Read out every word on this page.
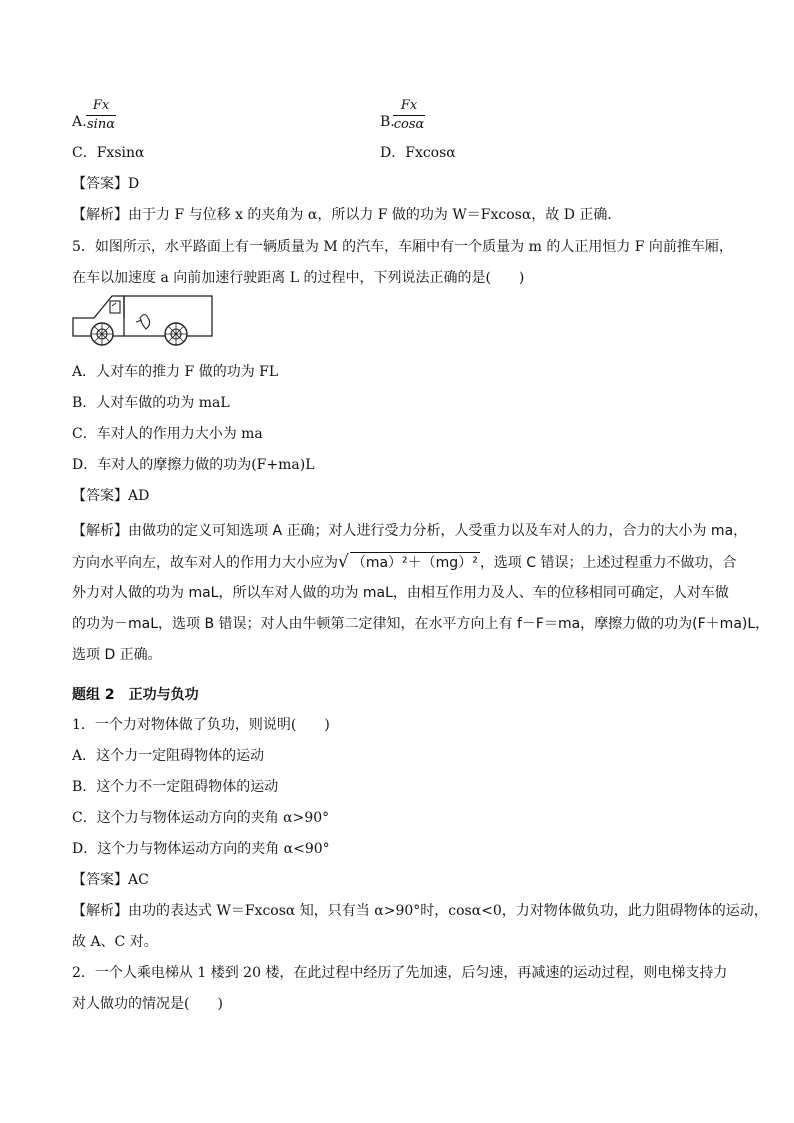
A.
Fx
sinα	B.
Fx
cosα
C．Fxsinα	D．Fxcosα
【答案】D
【解析】由于力 F 与位移 x 的夹角为 α，所以力 F 做的功为 W＝Fxcosα，故 D 正确．
5．如图所示，水平路面上有一辆质量为 M 的汽车，车厢中有一个质量为 m 的人正用恒力 F 向前推车厢，
在车以加速度 a 向前加速行驶距离 L 的过程中，下列说法正确的是(　　)
A．人对车的推力 F 做的功为 FL
B．人对车做的功为 maL
C．车对人的作用力大小为 ma
D．车对人的摩擦力做的功为(F+ma)L
【答案】AD
【解析】由做功的定义可知选项 A 正确；对人进行受力分析，人受重力以及车对人的力，合力的大小为 ma，
方向水平向左，故车对人的作用力大小应为√ （ma）²＋（mg）² ，选项 C 错误；上述过程重力不做功，合
外力对人做的功为 maL，所以车对人做的功为 maL，由相互作用力及人、车的位移相同可确定，人对车做
的功为－maL，选项 B 错误；对人由牛顿第二定律知，在水平方向上有 f－F＝ma，摩擦力做的功为(F＋ma)L，
选项 D 正确。
题组 2　正功与负功
1．一个力对物体做了负功，则说明(　　)
A．这个力一定阻碍物体的运动
B．这个力不一定阻碍物体的运动
C．这个力与物体运动方向的夹角 α>90°
D．这个力与物体运动方向的夹角 α<90°
【答案】AC
【解析】由功的表达式 W＝Fxcosα 知，只有当 α>90°时，cosα<0，力对物体做负功，此力阻碍物体的运动，
故 A、C 对。
2．一个人乘电梯从 1 楼到 20 楼，在此过程中经历了先加速，后匀速，再减速的运动过程，则电梯支持力
对人做功的情况是(　　)
